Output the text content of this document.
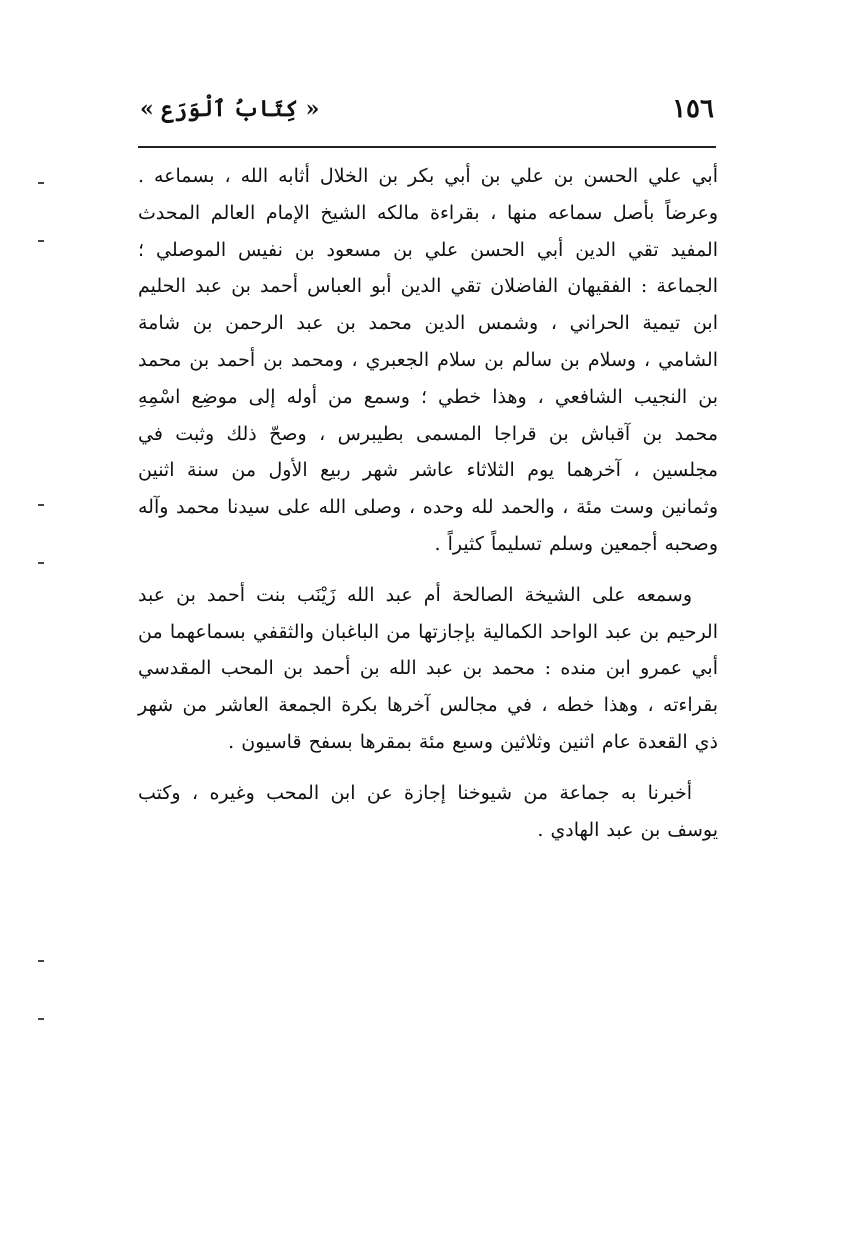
١٥٦
« كِتَابُ ٱلْوَرَع »

أبي علي الحسن بن علي بن أبي بكر بن الخلال أثابه الله ، بسماعه . وعرضاً بأصل سماعه منها ، بقراءة مالكه الشيخ الإمام العالم المحدث المفيد تقي الدين أبي الحسن علي بن مسعود بن نفيس الموصلي ؛ الجماعة : الفقيهان الفاضلان تقي الدين أبو العباس أحمد بن عبد الحليم ابن تيمية الحراني ، وشمس الدين محمد بن عبد الرحمن بن شامة الشامي ، وسلام بن سالم بن سلام الجعبري ، ومحمد بن أحمد بن محمد بن النجيب الشافعي ، وهذا خطي ؛ وسمع من أوله إلى موضِع اسْمِهِ محمد بن آقباش بن قراجا المسمى بطيبرس ، وصحّ ذلك وثبت في مجلسين ، آخرهما يوم الثلاثاء عاشر شهر ربيع الأول من سنة اثنين وثمانين وست مئة ، والحمد لله وحده ، وصلى الله على سيدنا محمد وآله وصحبه أجمعين وسلم تسليماً كثيراً .

وسمعه على الشيخة الصالحة أم عبد الله زَيْنَب بنت أحمد بن عبد الرحيم بن عبد الواحد الكمالية بإجازتها من الباغبان والثقفي بسماعهما من أبي عمرو ابن منده : محمد بن عبد الله بن أحمد بن المحب المقدسي بقراءته ، وهذا خطه ، في مجالس آخرها بكرة الجمعة العاشر من شهر ذي القعدة عام اثنين وثلاثين وسبع مئة بمقرها بسفح قاسيون .

أخبرنا به جماعة من شيوخنا إجازة عن ابن المحب وغيره ، وكتب يوسف بن عبد الهادي .
